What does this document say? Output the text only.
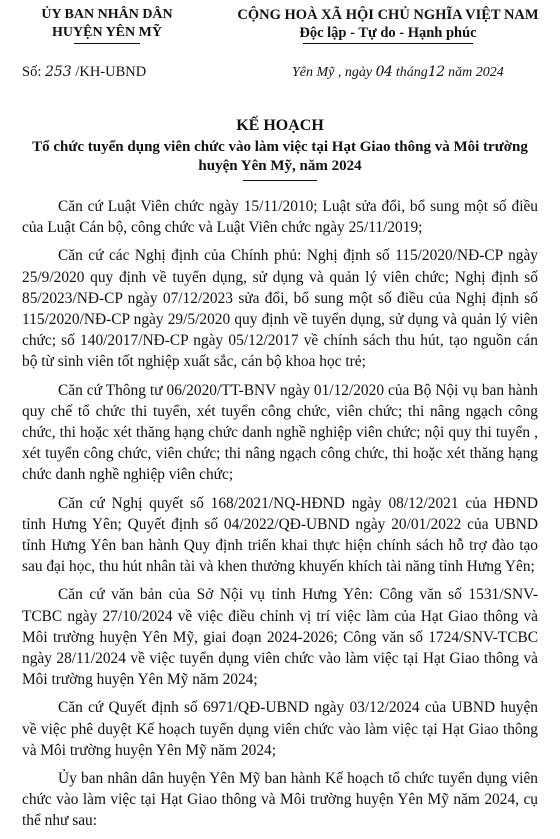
ỦY BAN NHÂN DÂN
HUYỆN YÊN MỸ
CỘNG HOÀ XÃ HỘI CHỦ NGHĨA VIỆT NAM
Độc lập - Tự do - Hạnh phúc
Số: 253 /KH-UBND	Yên Mỹ , ngày 04 tháng12 năm 2024
KẾ HOẠCH
Tổ chức tuyển dụng viên chức vào làm việc tại Hạt Giao thông và Môi trường huyện Yên Mỹ, năm 2024

Căn cứ Luật Viên chức ngày 15/11/2010; Luật sửa đổi, bổ sung một số điều của Luật Cán bộ, công chức và Luật Viên chức ngày 25/11/2019;

Căn cứ các Nghị định của Chính phủ: Nghị định số 115/2020/NĐ-CP ngày 25/9/2020 quy định về tuyển dụng, sử dụng và quản lý viên chức; Nghị định số 85/2023/NĐ-CP ngày 07/12/2023 sửa đổi, bổ sung một số điều của Nghị định số 115/2020/NĐ-CP ngày 29/5/2020 quy định về tuyển dụng, sử dụng và quản lý viên chức; số 140/2017/NĐ-CP ngày 05/12/2017 về chính sách thu hút, tạo nguồn cán bộ từ sinh viên tốt nghiệp xuất sắc, cán bộ khoa học trẻ;

Căn cứ Thông tư 06/2020/TT-BNV ngày 01/12/2020 của Bộ Nội vụ ban hành quy chế tổ chức thi tuyển, xét tuyển công chức, viên chức; thi nâng ngạch công chức, thi hoặc xét thăng hạng chức danh nghề nghiệp viên chức; nội quy thi tuyển , xét tuyển công chức, viên chức; thi nâng ngạch công chức, thi hoặc xét thăng hạng chức danh nghề nghiệp viên chức;

Căn cứ Nghị quyết số 168/2021/NQ-HĐND ngày 08/12/2021 của HĐND tỉnh Hưng Yên; Quyết định số 04/2022/QĐ-UBND ngày 20/01/2022 của UBND tỉnh Hưng Yên ban hành Quy định triển khai thực hiện chính sách hỗ trợ đào tạo sau đại học, thu hút nhân tài và khen thưởng khuyến khích tài năng tỉnh Hưng Yên;

Căn cứ văn bản của Sở Nội vụ tỉnh Hưng Yên: Công văn số 1531/SNV-TCBC ngày 27/10/2024 về việc điều chỉnh vị trí việc làm của Hạt Giao thông và Môi trường huyện Yên Mỹ, giai đoạn 2024-2026; Công văn số 1724/SNV-TCBC ngày 28/11/2024 về việc tuyển dụng viên chức vào làm việc tại Hạt Giao thông và Môi trường huyện Yên Mỹ năm 2024;

Căn cứ Quyết định số 6971/QĐ-UBND ngày 03/12/2024 của UBND huyện về việc phê duyệt Kế hoạch tuyển dụng viên chức vào làm việc tại Hạt Giao thông và Môi trường huyện Yên Mỹ năm 2024;

Ủy ban nhân dân huyện Yên Mỹ ban hành Kế hoạch tổ chức tuyển dụng viên chức vào làm việc tại Hạt Giao thông và Môi trường huyện Yên Mỹ năm 2024, cụ thể như sau:
